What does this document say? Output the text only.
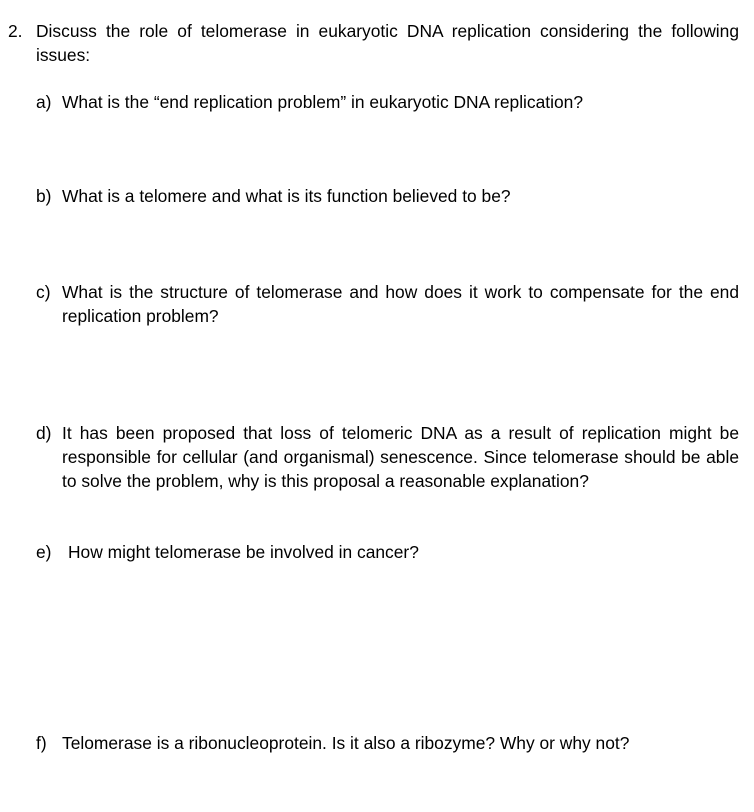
2. Discuss the role of telomerase in eukaryotic DNA replication considering the following issues:
a) What is the “end replication problem” in eukaryotic DNA replication?
b) What is a telomere and what is its function believed to be?
c) What is the structure of telomerase and how does it work to compensate for the end replication problem?
d) It has been proposed that loss of telomeric DNA as a result of replication might be responsible for cellular (and organismal) senescence. Since telomerase should be able to solve the problem, why is this proposal a reasonable explanation?
e) How might telomerase be involved in cancer?
f) Telomerase is a ribonucleoprotein. Is it also a ribozyme? Why or why not?
